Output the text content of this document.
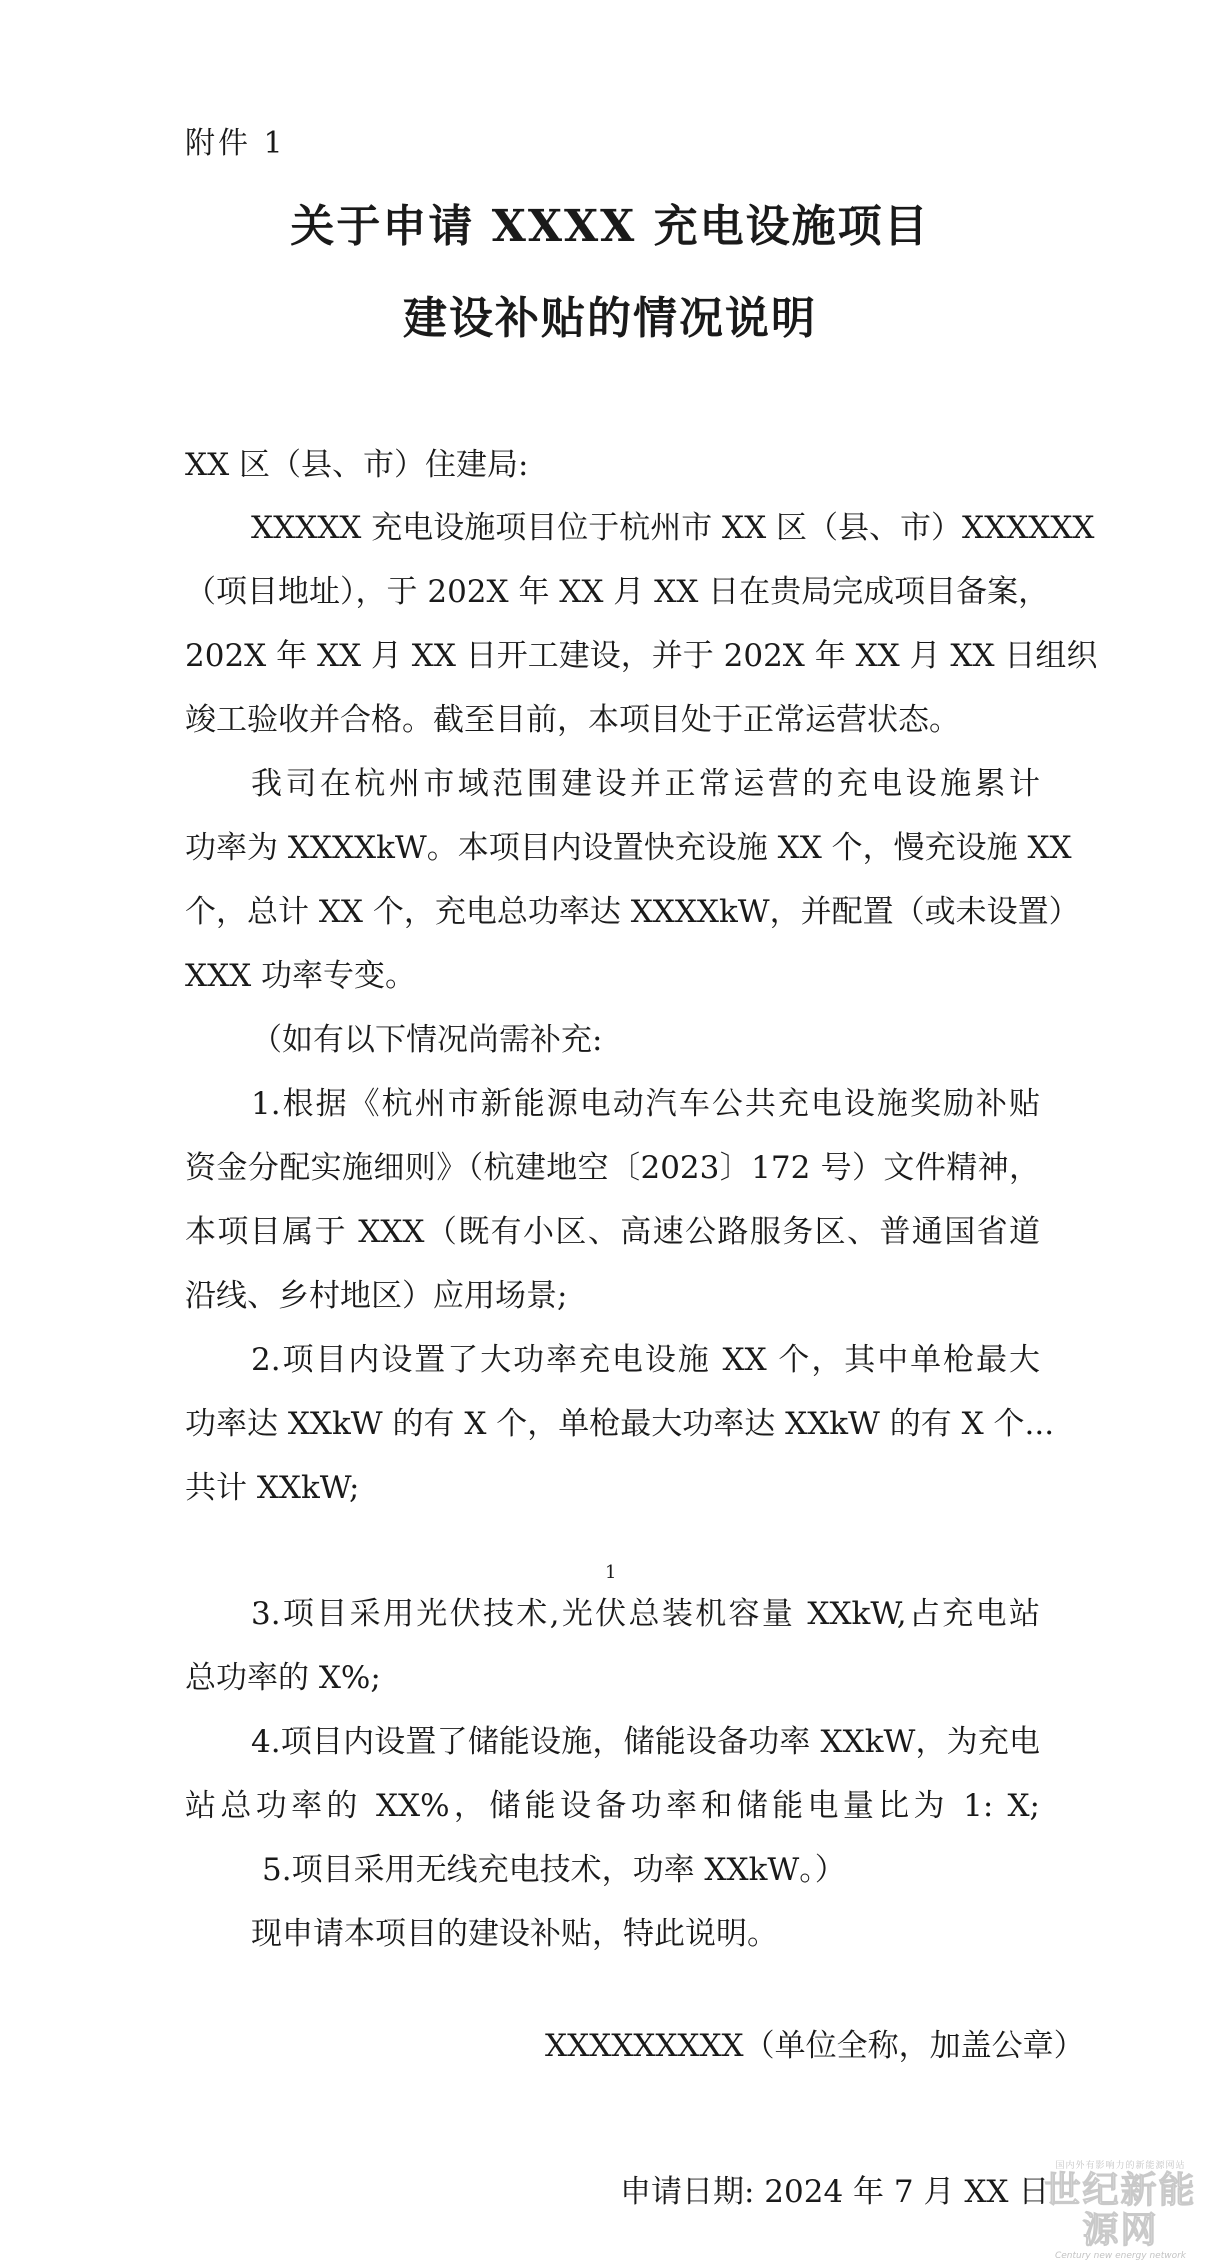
附件 1
关于申请 XXXX 充电设施项目
建设补贴的情况说明
XX 区（县、市）住建局:
XXXXX 充电设施项目位于杭州市 XX 区（县、市）XXXXXX
（项目地址），于 202X 年 XX 月 XX 日在贵局完成项目备案，
202X 年 XX 月 XX 日开工建设，并于 202X 年 XX 月 XX 日组织
竣工验收并合格。截至目前，本项目处于正常运营状态。
我司在杭州市域范围建设并正常运营的充电设施累计
功率为 XXXXkW。本项目内设置快充设施 XX 个，慢充设施 XX
个，总计 XX 个，充电总功率达 XXXXkW，并配置（或未设置）
XXX 功率专变。
（如有以下情况尚需补充:
1.根据《杭州市新能源电动汽车公共充电设施奖励补贴
资金分配实施细则》（杭建地空〔2023〕172 号）文件精神，
本项目属于 XXX（既有小区、高速公路服务区、普通国省道
沿线、乡村地区）应用场景;
2.项目内设置了大功率充电设施 XX 个，其中单枪最大
功率达 XXkW 的有 X 个，单枪最大功率达 XXkW 的有 X 个...
共计 XXkW;
1
3.项目采用光伏技术,光伏总装机容量 XXkW,占充电站
总功率的 X%;
4.项目内设置了储能设施，储能设备功率 XXkW，为充电
站总功率的 XX%，储能设备功率和储能电量比为 1: X;
5.项目采用无线充电技术，功率 XXkW。）
现申请本项目的建设补贴，特此说明。
XXXXXXXXX（单位全称，加盖公章）
申请日期: 2024 年 7 月 XX 日
国内外有影响力的新能源网站
世纪新能源网
Century new energy network
